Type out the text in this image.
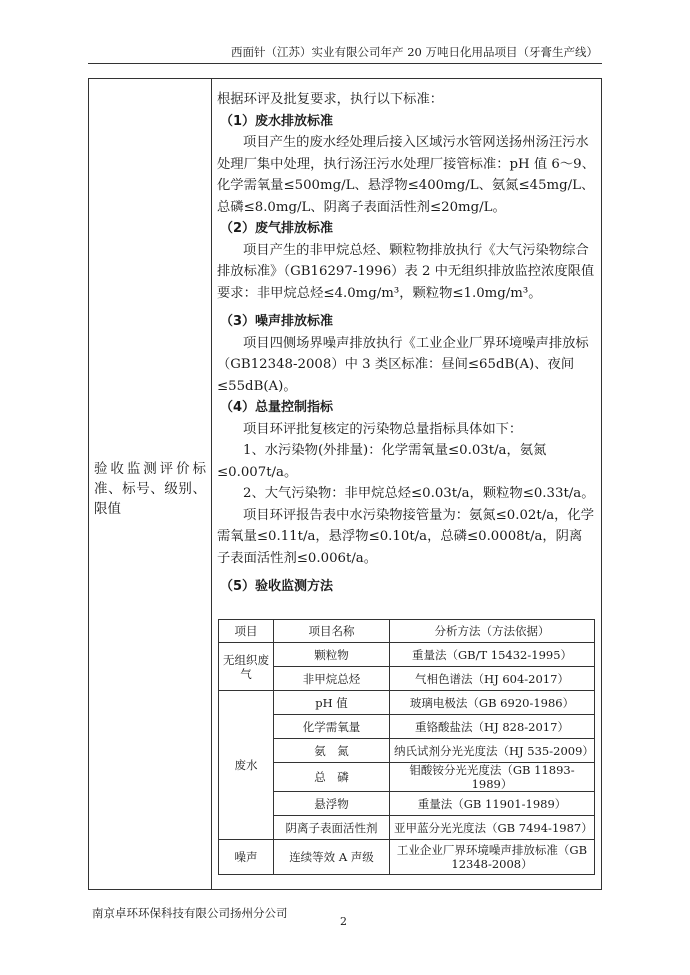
西面针（江苏）实业有限公司年产 20 万吨日化用品项目（牙膏生产线）
验收监测评价标准、标号、级别、限值

根据环评及批复要求，执行以下标准：

（1）废水排放标准

项目产生的废水经处理后接入区域污水管网送扬州汤汪污水处理厂集中处理，执行汤汪污水处理厂接管标准：pH 值 6～9、化学需氧量≤500mg/L、悬浮物≤400mg/L、氨氮≤45mg/L、总磷≤8.0mg/L、阴离子表面活性剂≤20mg/L。

（2）废气排放标准

项目产生的非甲烷总烃、颗粒物排放执行《大气污染物综合排放标准》（GB16297-1996）表 2 中无组织排放监控浓度限值要求：非甲烷总烃≤4.0mg/m³，颗粒物≤1.0mg/m³。

（3）噪声排放标准

项目四侧场界噪声排放执行《工业企业厂界环境噪声排放标（GB12348-2008）中 3 类区标准：昼间≤65dB(A)、夜间≤55dB(A)。

（4）总量控制指标

项目环评批复核定的污染物总量指标具体如下：

1、水污染物(外排量)：化学需氧量≤0.03t/a，氨氮≤0.007t/a。

2、大气污染物：非甲烷总烃≤0.03t/a，颗粒物≤0.33t/a。

项目环评报告表中水污染物接管量为：氨氮≤0.02t/a，化学需氧量≤0.11t/a，悬浮物≤0.10t/a，总磷≤0.0008t/a，阴离子表面活性剂≤0.006t/a。

（5）验收监测方法

项目	项目名称	分析方法（方法依据）
无组织废气	颗粒物	重量法（GB/T 15432-1995）
	非甲烷总烃	气相色谱法（HJ 604-2017）
废水	pH 值	玻璃电极法（GB 6920-1986）
	化学需氧量	重铬酸盐法（HJ 828-2017）
	氨　氮	纳氏试剂分光光度法（HJ 535-2009）
	总　磷	钼酸铵分光光度法（GB 11893-1989）
	悬浮物	重量法（GB 11901-1989）
	阴离子表面活性剂	亚甲蓝分光光度法（GB 7494-1987）
噪声	连续等效 A 声级	工业企业厂界环境噪声排放标准（GB 12348-2008）
南京卓环环保科技有限公司扬州分公司
2
